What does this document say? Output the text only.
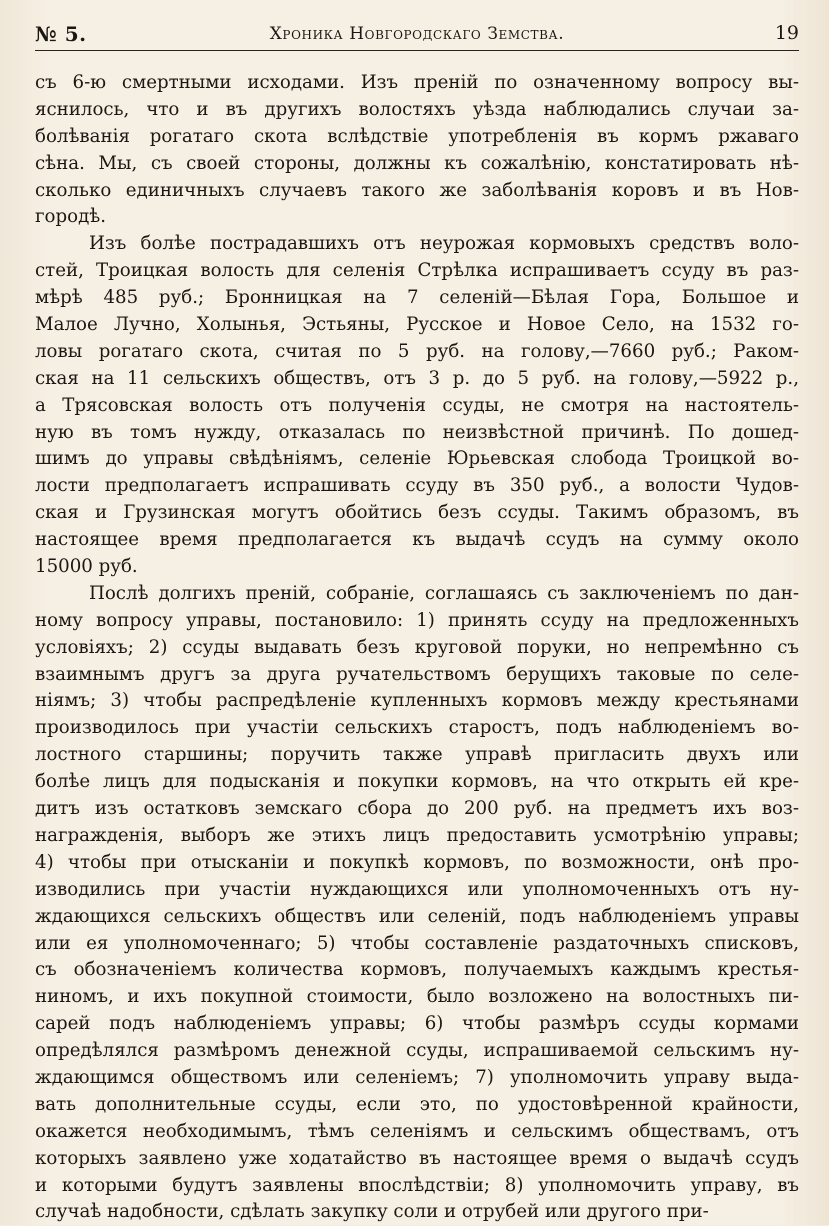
№ 5.	Хроника Новгородскаго Земства.	19
съ 6-ю смертными исходами. Изъ преній по означенному вопросу вы-
яснилось, что и въ другихъ волостяхъ уѣзда наблюдались случаи за-
болѣванія рогатаго скота вслѣдствіе употребленія въ кормъ ржаваго
сѣна. Мы, съ своей стороны, должны къ сожалѣнію, констатировать нѣ-
сколько единичныхъ случаевъ такого же заболѣванія коровъ и въ Нов-
городѣ.
Изъ болѣе пострадавшихъ отъ неурожая кормовыхъ средствъ воло-
стей, Троицкая волость для селенія Стрѣлка испрашиваетъ ссуду въ раз-
мѣрѣ 485 руб.; Бронницкая на 7 селеній—Бѣлая Гора, Большое и
Малое Лучно, Холынья, Эстьяны, Русское и Новое Село, на 1532 го-
ловы рогатаго скота, считая по 5 руб. на голову,—7660 руб.; Раком-
ская на 11 сельскихъ обществъ, отъ 3 р. до 5 руб. на голову,—5922 р.,
а Трясовская волость отъ полученія ссуды, не смотря на настоятель-
ную въ томъ нужду, отказалась по неизвѣстной причинѣ. По дошед-
шимъ до управы свѣдѣніямъ, селеніе Юрьевская слобода Троицкой во-
лости предполагаетъ испрашивать ссуду въ 350 руб., а волости Чудов-
ская и Грузинская могутъ обойтись безъ ссуды. Такимъ образомъ, въ
настоящее время предполагается къ выдачѣ ссудъ на сумму около
15000 руб.
Послѣ долгихъ преній, собраніе, соглашаясь съ заключеніемъ по дан-
ному вопросу управы, постановило: 1) принять ссуду на предложенныхъ
условіяхъ; 2) ссуды выдавать безъ круговой поруки, но непремѣнно съ
взаимнымъ другъ за друга ручательствомъ берущихъ таковые по селе-
ніямъ; 3) чтобы распредѣленіе купленныхъ кормовъ между крестьянами
производилось при участіи сельскихъ старостъ, подъ наблюденіемъ во-
лостного старшины; поручить также управѣ пригласить двухъ или
болѣе лицъ для подысканія и покупки кормовъ, на что открыть ей кре-
дитъ изъ остатковъ земскаго сбора до 200 руб. на предметъ ихъ воз-
награжденія, выборъ же этихъ лицъ предоставить усмотрѣнію управы;
4) чтобы при отысканіи и покупкѣ кормовъ, по возможности, онѣ про-
изводились при участіи нуждающихся или уполномоченныхъ отъ ну-
ждающихся сельскихъ обществъ или селеній, подъ наблюденіемъ управы
или ея уполномоченнаго; 5) чтобы составленіе раздаточныхъ списковъ,
съ обозначеніемъ количества кормовъ, получаемыхъ каждымъ крестья-
ниномъ, и ихъ покупной стоимости, было возложено на волостныхъ пи-
сарей подъ наблюденіемъ управы; 6) чтобы размѣръ ссуды кормами
опредѣлялся размѣромъ денежной ссуды, испрашиваемой сельскимъ ну-
ждающимся обществомъ или селеніемъ; 7) уполномочить управу выда-
вать дополнительные ссуды, если это, по удостовѣренной крайности,
окажется необходимымъ, тѣмъ селеніямъ и сельскимъ обществамъ, отъ
которыхъ заявлено уже ходатайство въ настоящее время о выдачѣ ссудъ
и которыми будутъ заявлены впослѣдствіи; 8) уполномочить управу, въ
случаѣ надобности, сдѣлать закупку соли и отрубей или другого при-
